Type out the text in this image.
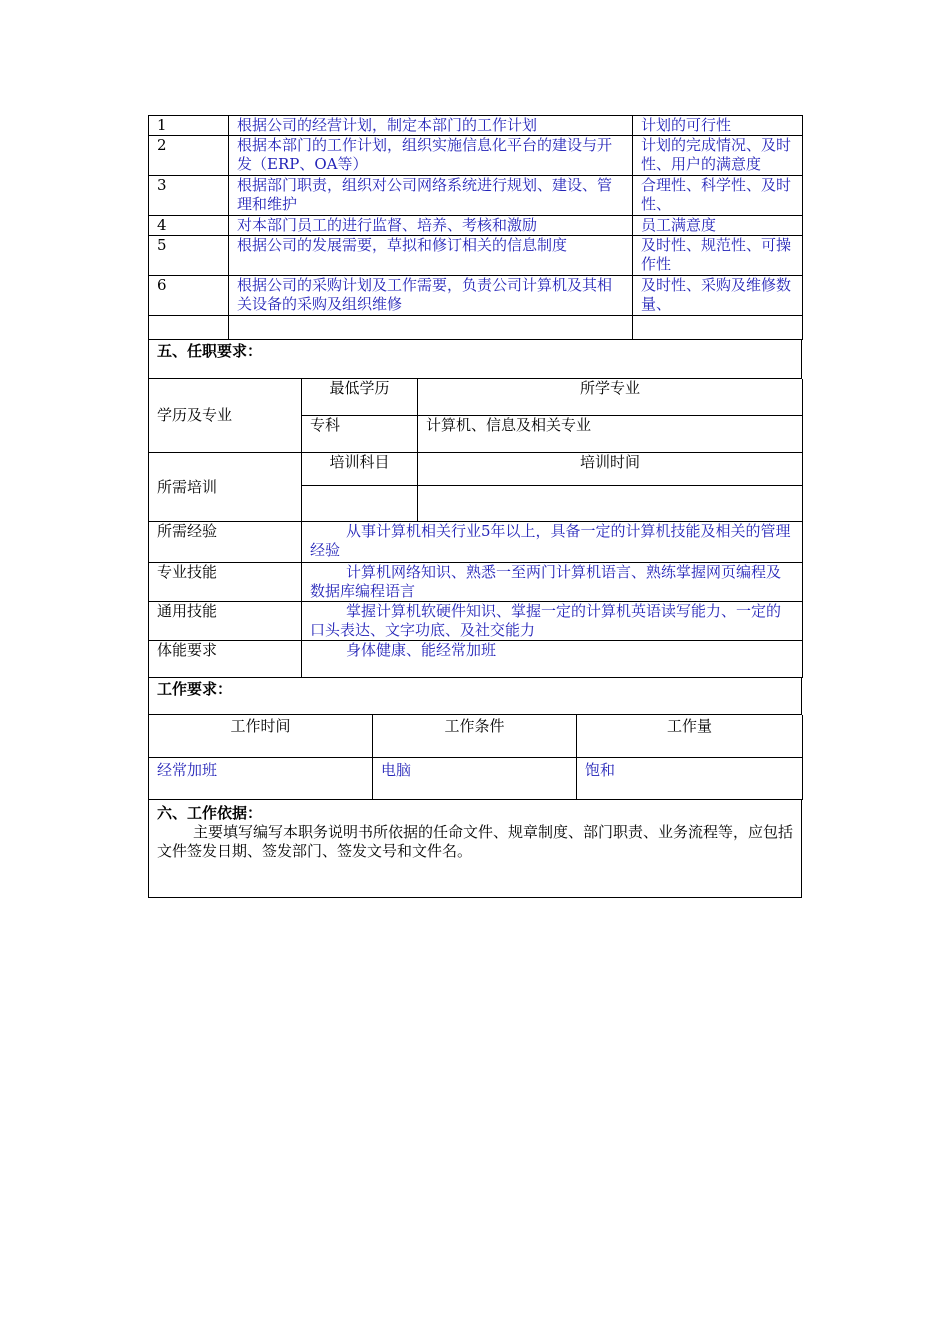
1	根据公司的经营计划，制定本部门的工作计划	计划的可行性
2	根据本部门的工作计划，组织实施信息化平台的建设与开发（ERP、OA等）	计划的完成情况、及时性、用户的满意度
3	根据部门职责，组织对公司网络系统进行规划、建设、管理和维护	合理性、科学性、及时性、
4	对本部门员工的进行监督、培养、考核和激励	员工满意度
5	根据公司的发展需要，草拟和修订相关的信息制度	及时性、规范性、可操作性
6	根据公司的采购计划及工作需要，负责公司计算机及其相关设备的采购及组织维修	及时性、采购及维修数量、

五、任职要求：
学历及专业	最低学历	所学专业
	专科	计算机、信息及相关专业
所需培训	培训科目	培训时间

所需经验	从事计算机相关行业5年以上，具备一定的计算机技能及相关的管理经验
专业技能	计算机网络知识、熟悉一至两门计算机语言、熟练掌握网页编程及数据库编程语言
通用技能	掌握计算机软硬件知识、掌握一定的计算机英语读写能力、一定的口头表达、文字功底、及社交能力
体能要求	身体健康、能经常加班
工作要求：
工作时间	工作条件	工作量
经常加班	电脑	饱和
六、工作依据：
主要填写编写本职务说明书所依据的任命文件、规章制度、部门职责、业务流程等，应包括文件签发日期、签发部门、签发文号和文件名。
